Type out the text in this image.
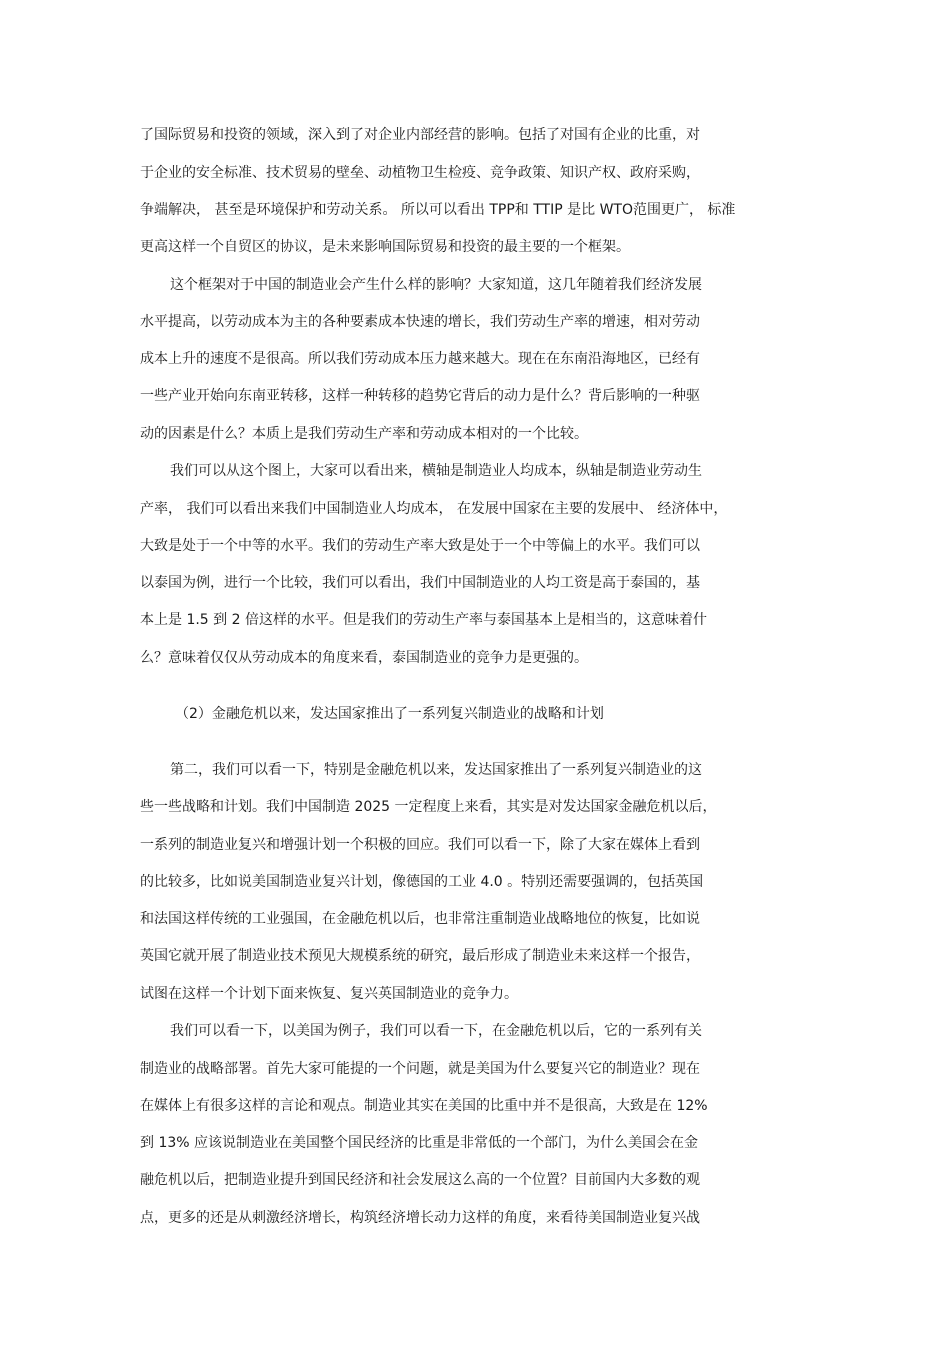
了国际贸易和投资的领域，深入到了对企业内部经营的影响。包括了对国有企业的比重，对
于企业的安全标准、技术贸易的壁垒、动植物卫生检疫、竞争政策、知识产权、政府采购，
争端解决， 甚至是环境保护和劳动关系。 所以可以看出 TPP和 TTIP 是比 WTO范围更广， 标准
更高这样一个自贸区的协议，是未来影响国际贸易和投资的最主要的一个框架。
这个框架对于中国的制造业会产生什么样的影响？大家知道，这几年随着我们经济发展
水平提高，以劳动成本为主的各种要素成本快速的增长，我们劳动生产率的增速，相对劳动
成本上升的速度不是很高。所以我们劳动成本压力越来越大。现在在东南沿海地区，已经有
一些产业开始向东南亚转移，这样一种转移的趋势它背后的动力是什么？背后影响的一种驱
动的因素是什么？本质上是我们劳动生产率和劳动成本相对的一个比较。
我们可以从这个图上，大家可以看出来，横轴是制造业人均成本，纵轴是制造业劳动生
产率， 我们可以看出来我们中国制造业人均成本， 在发展中国家在主要的发展中、 经济体中，
大致是处于一个中等的水平。我们的劳动生产率大致是处于一个中等偏上的水平。我们可以
以泰国为例，进行一个比较，我们可以看出，我们中国制造业的人均工资是高于泰国的，基
本上是 1.5 到 2 倍这样的水平。但是我们的劳动生产率与泰国基本上是相当的，这意味着什
么？意味着仅仅从劳动成本的角度来看，泰国制造业的竞争力是更强的。
（2）金融危机以来，发达国家推出了一系列复兴制造业的战略和计划
第二，我们可以看一下，特别是金融危机以来，发达国家推出了一系列复兴制造业的这
些一些战略和计划。我们中国制造 2025 一定程度上来看，其实是对发达国家金融危机以后，
一系列的制造业复兴和增强计划一个积极的回应。我们可以看一下，除了大家在媒体上看到
的比较多，比如说美国制造业复兴计划，像德国的工业 4.0 。特别还需要强调的，包括英国
和法国这样传统的工业强国，在金融危机以后，也非常注重制造业战略地位的恢复，比如说
英国它就开展了制造业技术预见大规模系统的研究，最后形成了制造业未来这样一个报告，
试图在这样一个计划下面来恢复、复兴英国制造业的竞争力。
我们可以看一下，以美国为例子，我们可以看一下，在金融危机以后，它的一系列有关
制造业的战略部署。首先大家可能提的一个问题，就是美国为什么要复兴它的制造业？现在
在媒体上有很多这样的言论和观点。制造业其实在美国的比重中并不是很高，大致是在 12%
到 13% 应该说制造业在美国整个国民经济的比重是非常低的一个部门，为什么美国会在金
融危机以后，把制造业提升到国民经济和社会发展这么高的一个位置？目前国内大多数的观
点，更多的还是从刺激经济增长，构筑经济增长动力这样的角度，来看待美国制造业复兴战
